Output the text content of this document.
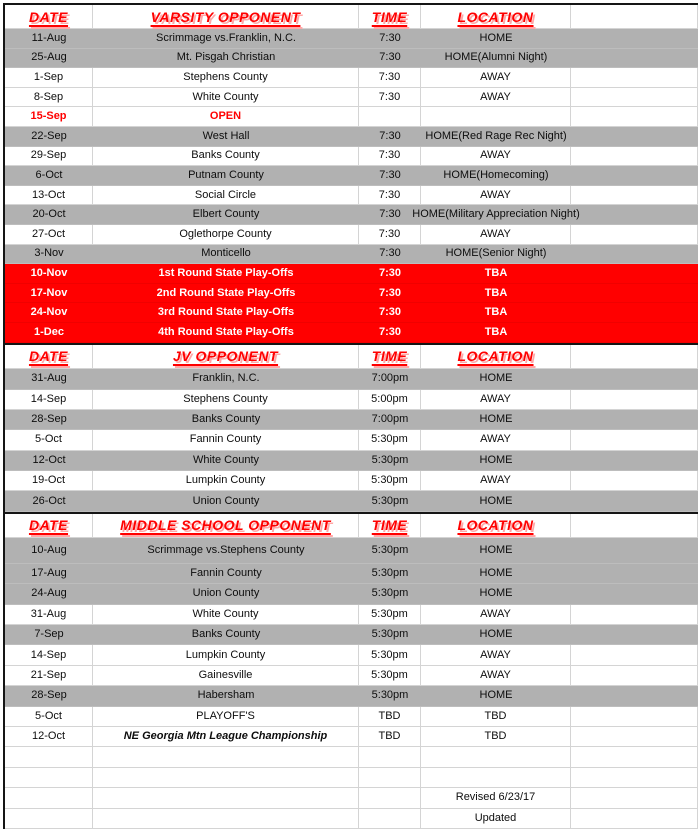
DATE	VARSITY OPPONENT	TIME	LOCATION
11-Aug	Scrimmage vs.Franklin, N.C.	7:30	HOME
25-Aug	Mt. Pisgah Christian	7:30	HOME(Alumni Night)
1-Sep	Stephens County	7:30	AWAY
8-Sep	White County	7:30	AWAY
15-Sep	OPEN
22-Sep	West Hall	7:30	HOME(Red Rage Rec Night)
29-Sep	Banks County	7:30	AWAY
6-Oct	Putnam County	7:30	HOME(Homecoming)
13-Oct	Social Circle	7:30	AWAY
20-Oct	Elbert County	7:30	HOME(Military Appreciation Night)
27-Oct	Oglethorpe County	7:30	AWAY
3-Nov	Monticello	7:30	HOME(Senior Night)
10-Nov	1st Round State Play-Offs	7:30	TBA
17-Nov	2nd Round State Play-Offs	7:30	TBA
24-Nov	3rd Round State Play-Offs	7:30	TBA
1-Dec	4th Round State Play-Offs	7:30	TBA
DATE	JV OPPONENT	TIME	LOCATION
31-Aug	Franklin, N.C.	7:00pm	HOME
14-Sep	Stephens County	5:00pm	AWAY
28-Sep	Banks County	7:00pm	HOME
5-Oct	Fannin County	5:30pm	AWAY
12-Oct	White County	5:30pm	HOME
19-Oct	Lumpkin County	5:30pm	AWAY
26-Oct	Union County	5:30pm	HOME
DATE	MIDDLE SCHOOL OPPONENT	TIME	LOCATION
10-Aug	Scrimmage vs.Stephens County	5:30pm	HOME
17-Aug	Fannin County	5:30pm	HOME
24-Aug	Union County	5:30pm	HOME
31-Aug	White County	5:30pm	AWAY
7-Sep	Banks County	5:30pm	HOME
14-Sep	Lumpkin County	5:30pm	AWAY
21-Sep	Gainesville	5:30pm	AWAY
28-Sep	Habersham	5:30pm	HOME
5-Oct	PLAYOFF'S	TBD	TBD
12-Oct	NE Georgia Mtn League Championship	TBD	TBD
Revised 6/23/17
Updated
